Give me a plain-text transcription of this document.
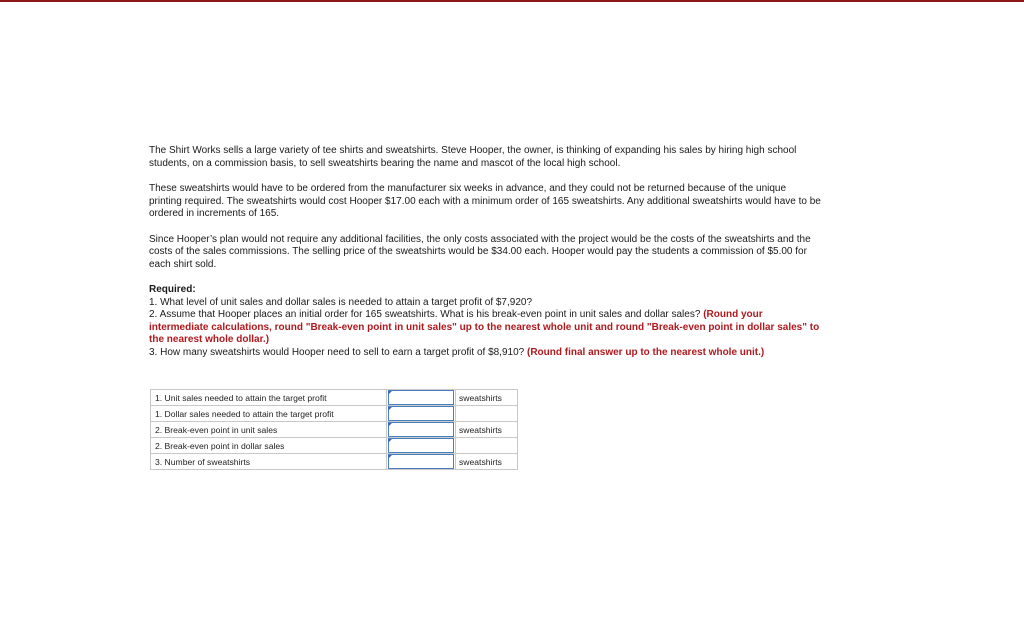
The Shirt Works sells a large variety of tee shirts and sweatshirts. Steve Hooper, the owner, is thinking of expanding his sales by hiring high school students, on a commission basis, to sell sweatshirts bearing the name and mascot of the local high school.

These sweatshirts would have to be ordered from the manufacturer six weeks in advance, and they could not be returned because of the unique printing required. The sweatshirts would cost Hooper $17.00 each with a minimum order of 165 sweatshirts. Any additional sweatshirts would have to be ordered in increments of 165.

Since Hooper’s plan would not require any additional facilities, the only costs associated with the project would be the costs of the sweatshirts and the costs of the sales commissions. The selling price of the sweatshirts would be $34.00 each. Hooper would pay the students a commission of $5.00 for each shirt sold.

Required:
1. What level of unit sales and dollar sales is needed to attain a target profit of $7,920?
2. Assume that Hooper places an initial order for 165 sweatshirts. What is his break-even point in unit sales and dollar sales? (Round your intermediate calculations, round "Break-even point in unit sales" up to the nearest whole unit and round "Break-even point in dollar sales" to the nearest whole dollar.)
3. How many sweatshirts would Hooper need to sell to earn a target profit of $8,910? (Round final answer up to the nearest whole unit.)
1. Unit sales needed to attain the target profit		sweatshirts
1. Dollar sales needed to attain the target profit	

2. Break-even point in unit sales		sweatshirts
2. Break-even point in dollar sales	

3. Number of sweatshirts		sweatshirts
